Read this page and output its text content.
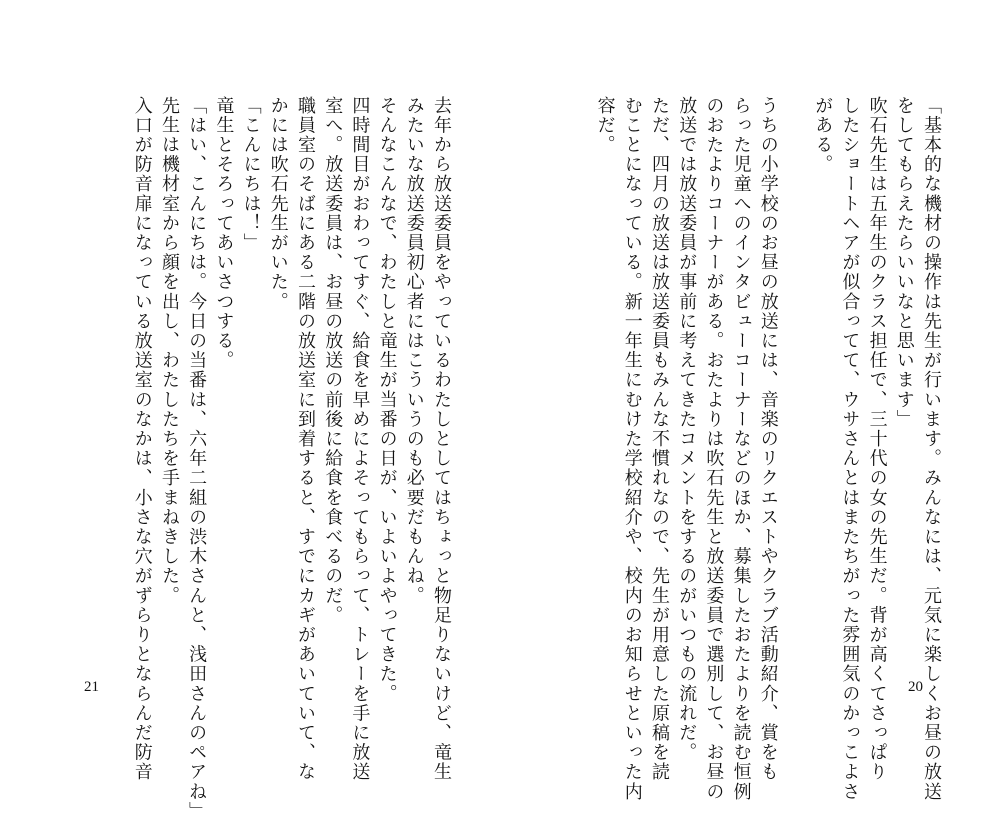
「基本的な機材の操作は先生が行います。みんなには、元気に楽しくお昼の放送
をしてもらえたらいいなと思います」
吹石先生は五年生のクラス担任で、三十代の女の先生だ。背が高くてさっぱり
したショートヘアが似合ってて、ウサさんとはまたちがった雰囲気のかっこよさ
がある。
うちの小学校のお昼の放送には、音楽のリクエストやクラブ活動紹介、賞をも
らった児童へのインタビューコーナーなどのほか、募集したおたよりを読む恒例
のおたよりコーナーがある。おたよりは吹石先生と放送委員で選別して、お昼の
放送では放送委員が事前に考えてきたコメントをするのがいつもの流れだ。
ただ、四月の放送は放送委員もみんな不慣れなので、先生が用意した原稿を読
むことになっている。新一年生にむけた学校紹介や、校内のお知らせといった内
容だ。
20
去年から放送委員をやっているわたしとしてはちょっと物足りないけど、竜生
みたいな放送委員初心者にはこういうのも必要だもんね。
そんなこんなで、わたしと竜生が当番の日が、いよいよやってきた。
四時間目がおわってすぐ、給食を早めによそってもらって、トレーを手に放送
室へ。放送委員は、お昼の放送の前後に給食を食べるのだ。
職員室のそばにある二階の放送室に到着すると、すでにカギがあいていて、な
かには吹石先生がいた。
「こんにちは！」
竜生とそろってあいさつする。
「はい、こんにちは。今日の当番は、六年二組の渋木さんと、浅田さんのペアね」
先生は機材室から顔を出し、わたしたちを手まねきした。
入口が防音扉になっている放送室のなかは、小さな穴がずらりとならんだ防音
21
